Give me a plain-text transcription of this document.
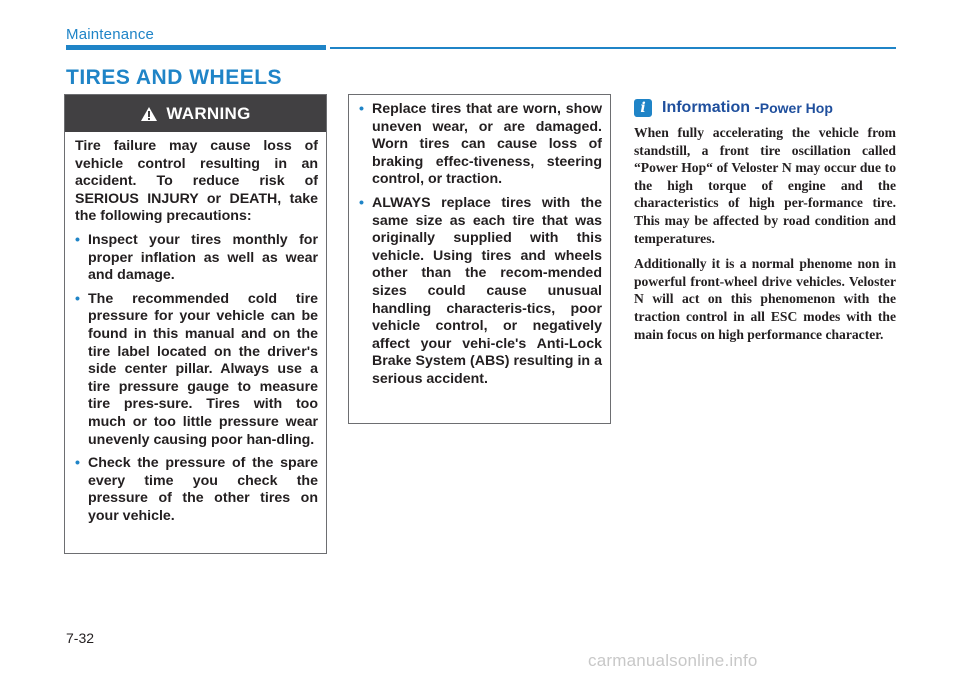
Maintenance
TIRES AND WHEELS
WARNING

Tire failure may cause loss of vehicle control resulting in an accident. To reduce risk of SERIOUS INJURY or DEATH, take the following precautions:

• Inspect your tires monthly for proper inflation as well as wear and damage.
• The recommended cold tire pressure for your vehicle can be found in this manual and on the tire label located on the driver's side center pillar. Always use a tire pressure gauge to measure tire pres-sure. Tires with too much or too little pressure wear unevenly causing poor han-dling.
• Check the pressure of the spare every time you check the pressure of the other tires on your vehicle.
• Replace tires that are worn, show uneven wear, or are damaged. Worn tires can cause loss of braking effec-tiveness, steering control, or traction.
• ALWAYS replace tires with the same size as each tire that was originally supplied with this vehicle. Using tires and wheels other than the recom-mended sizes could cause unusual handling characteris-tics, poor vehicle control, or negatively affect your vehi-cle's Anti-Lock Brake System (ABS) resulting in a serious accident.
i	Information - Power Hop

When fully accelerating the vehicle from standstill, a front tire oscillation called “Power Hop“ of Veloster N may occur due to the high torque of engine and the characteristics of high per-formance tire. This may be affected by road condition and temperatures.

Additionally it is a normal phenome non in powerful front-wheel drive vehicles. Veloster N will act on this phenomenon with the traction control in all ESC modes with the main focus on high performance character.

7-32
carmanualsonline.info
